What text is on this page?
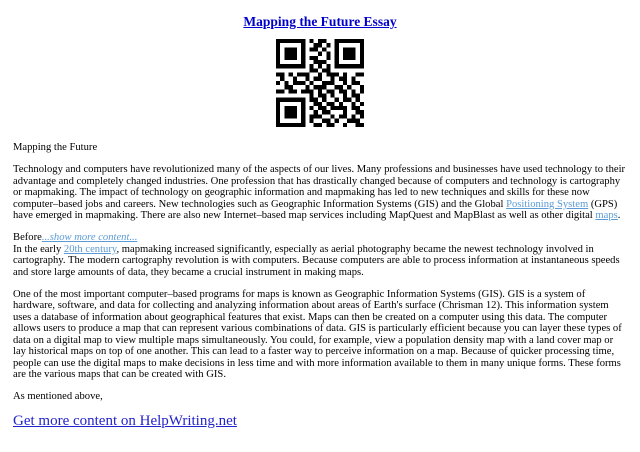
Mapping the Future Essay
Mapping the Future

Technology and computers have revolutionized many of the aspects of our lives. Many professions and businesses have used technology to their advantage and completely changed industries. One profession that has drastically changed because of computers and technology is cartography or mapmaking. The impact of technology on geographic information and mapmaking has led to new techniques and skills for these now computer–based jobs and careers. New technologies such as Geographic Information Systems (GIS) and the Global Positioning System (GPS) have emerged in mapmaking. There are also new Internet–based map services including MapQuest and MapBlast as well as other digital maps.

Before...show more content...

In the early 20th century, mapmaking increased significantly, especially as aerial photography became the newest technology involved in cartography. The modern cartography revolution is with computers. Because computers are able to process information at instantaneous speeds and store large amounts of data, they became a crucial instrument in making maps.

One of the most important computer–based programs for maps is known as Geographic Information Systems (GIS). GIS is a system of hardware, software, and data for collecting and analyzing information about areas of Earth's surface (Chrisman 12). This information system uses a database of information about geographical features that exist. Maps can then be created on a computer using this data. The computer allows users to produce a map that can represent various combinations of data. GIS is particularly efficient because you can layer these types of data on a digital map to view multiple maps simultaneously. You could, for example, view a population density map with a land cover map or lay historical maps on top of one another. This can lead to a faster way to perceive information on a map. Because of quicker processing time, people can use the digital maps to make decisions in less time and with more information available to them in many unique forms. These forms are the various maps that can be created with GIS.

As mentioned above,

Get more content on HelpWriting.net
